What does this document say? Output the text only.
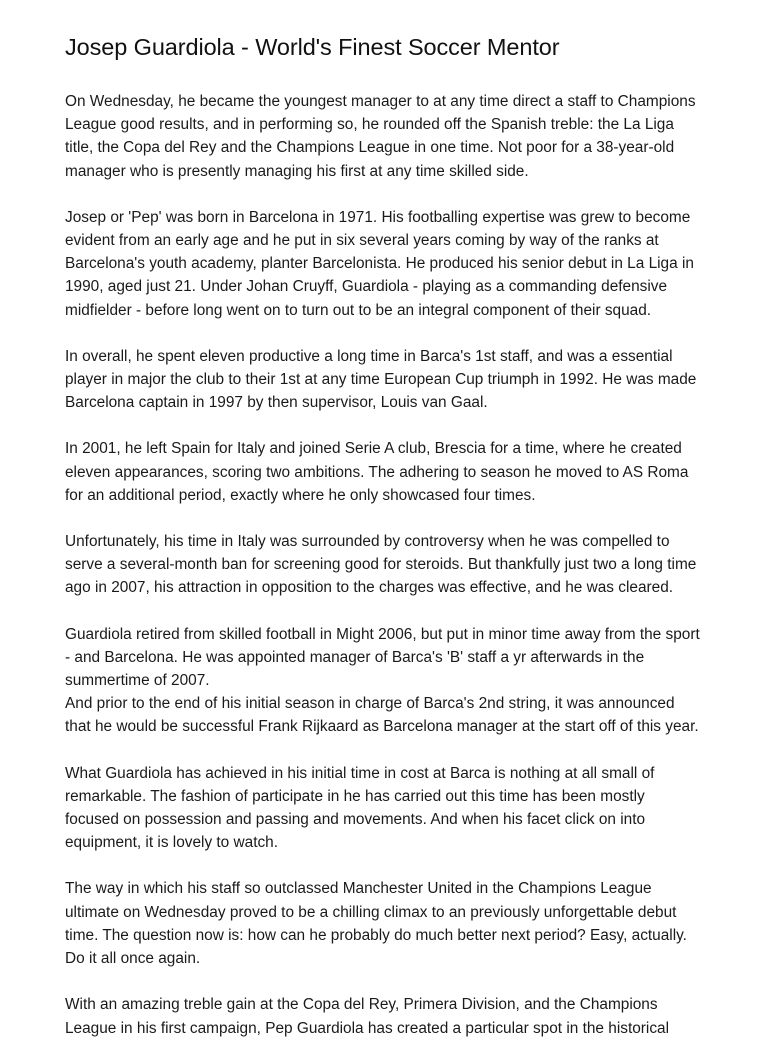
Josep Guardiola - World's Finest Soccer Mentor
On Wednesday, he became the youngest manager to at any time direct a staff to Champions
League good results, and in performing so, he rounded off the Spanish treble: the La Liga
title, the Copa del Rey and the Champions League in one time. Not poor for a 38-year-old
manager who is presently managing his first at any time skilled side.
Josep or 'Pep' was born in Barcelona in 1971. His footballing expertise was grew to become
evident from an early age and he put in six several years coming by way of the ranks at
Barcelona's youth academy, planter Barcelonista. He produced his senior debut in La Liga in
1990, aged just 21. Under Johan Cruyff, Guardiola - playing as a commanding defensive
midfielder - before long went on to turn out to be an integral component of their squad.
In overall, he spent eleven productive a long time in Barca's 1st staff, and was a essential
player in major the club to their 1st at any time European Cup triumph in 1992. He was made
Barcelona captain in 1997 by then supervisor, Louis van Gaal.
In 2001, he left Spain for Italy and joined Serie A club, Brescia for a time, where he created
eleven appearances, scoring two ambitions. The adhering to season he moved to AS Roma
for an additional period, exactly where he only showcased four times.
Unfortunately, his time in Italy was surrounded by controversy when he was compelled to
serve a several-month ban for screening good for steroids. But thankfully just two a long time
ago in 2007, his attraction in opposition to the charges was effective, and he was cleared.
Guardiola retired from skilled football in Might 2006, but put in minor time away from the sport
- and Barcelona. He was appointed manager of Barca's 'B' staff a yr afterwards in the
summertime of 2007.
And prior to the end of his initial season in charge of Barca's 2nd string, it was announced
that he would be successful Frank Rijkaard as Barcelona manager at the start off of this year.
What Guardiola has achieved in his initial time in cost at Barca is nothing at all small of
remarkable. The fashion of participate in he has carried out this time has been mostly
focused on possession and passing and movements. And when his facet click on into
equipment, it is lovely to watch.
The way in which his staff so outclassed Manchester United in the Champions League
ultimate on Wednesday proved to be a chilling climax to an previously unforgettable debut
time. The question now is: how can he probably do much better next period? Easy, actually.
Do it all once again.
With an amazing treble gain at the Copa del Rey, Primera Division, and the Champions
League in his first campaign, Pep Guardiola has created a particular spot in the historical
